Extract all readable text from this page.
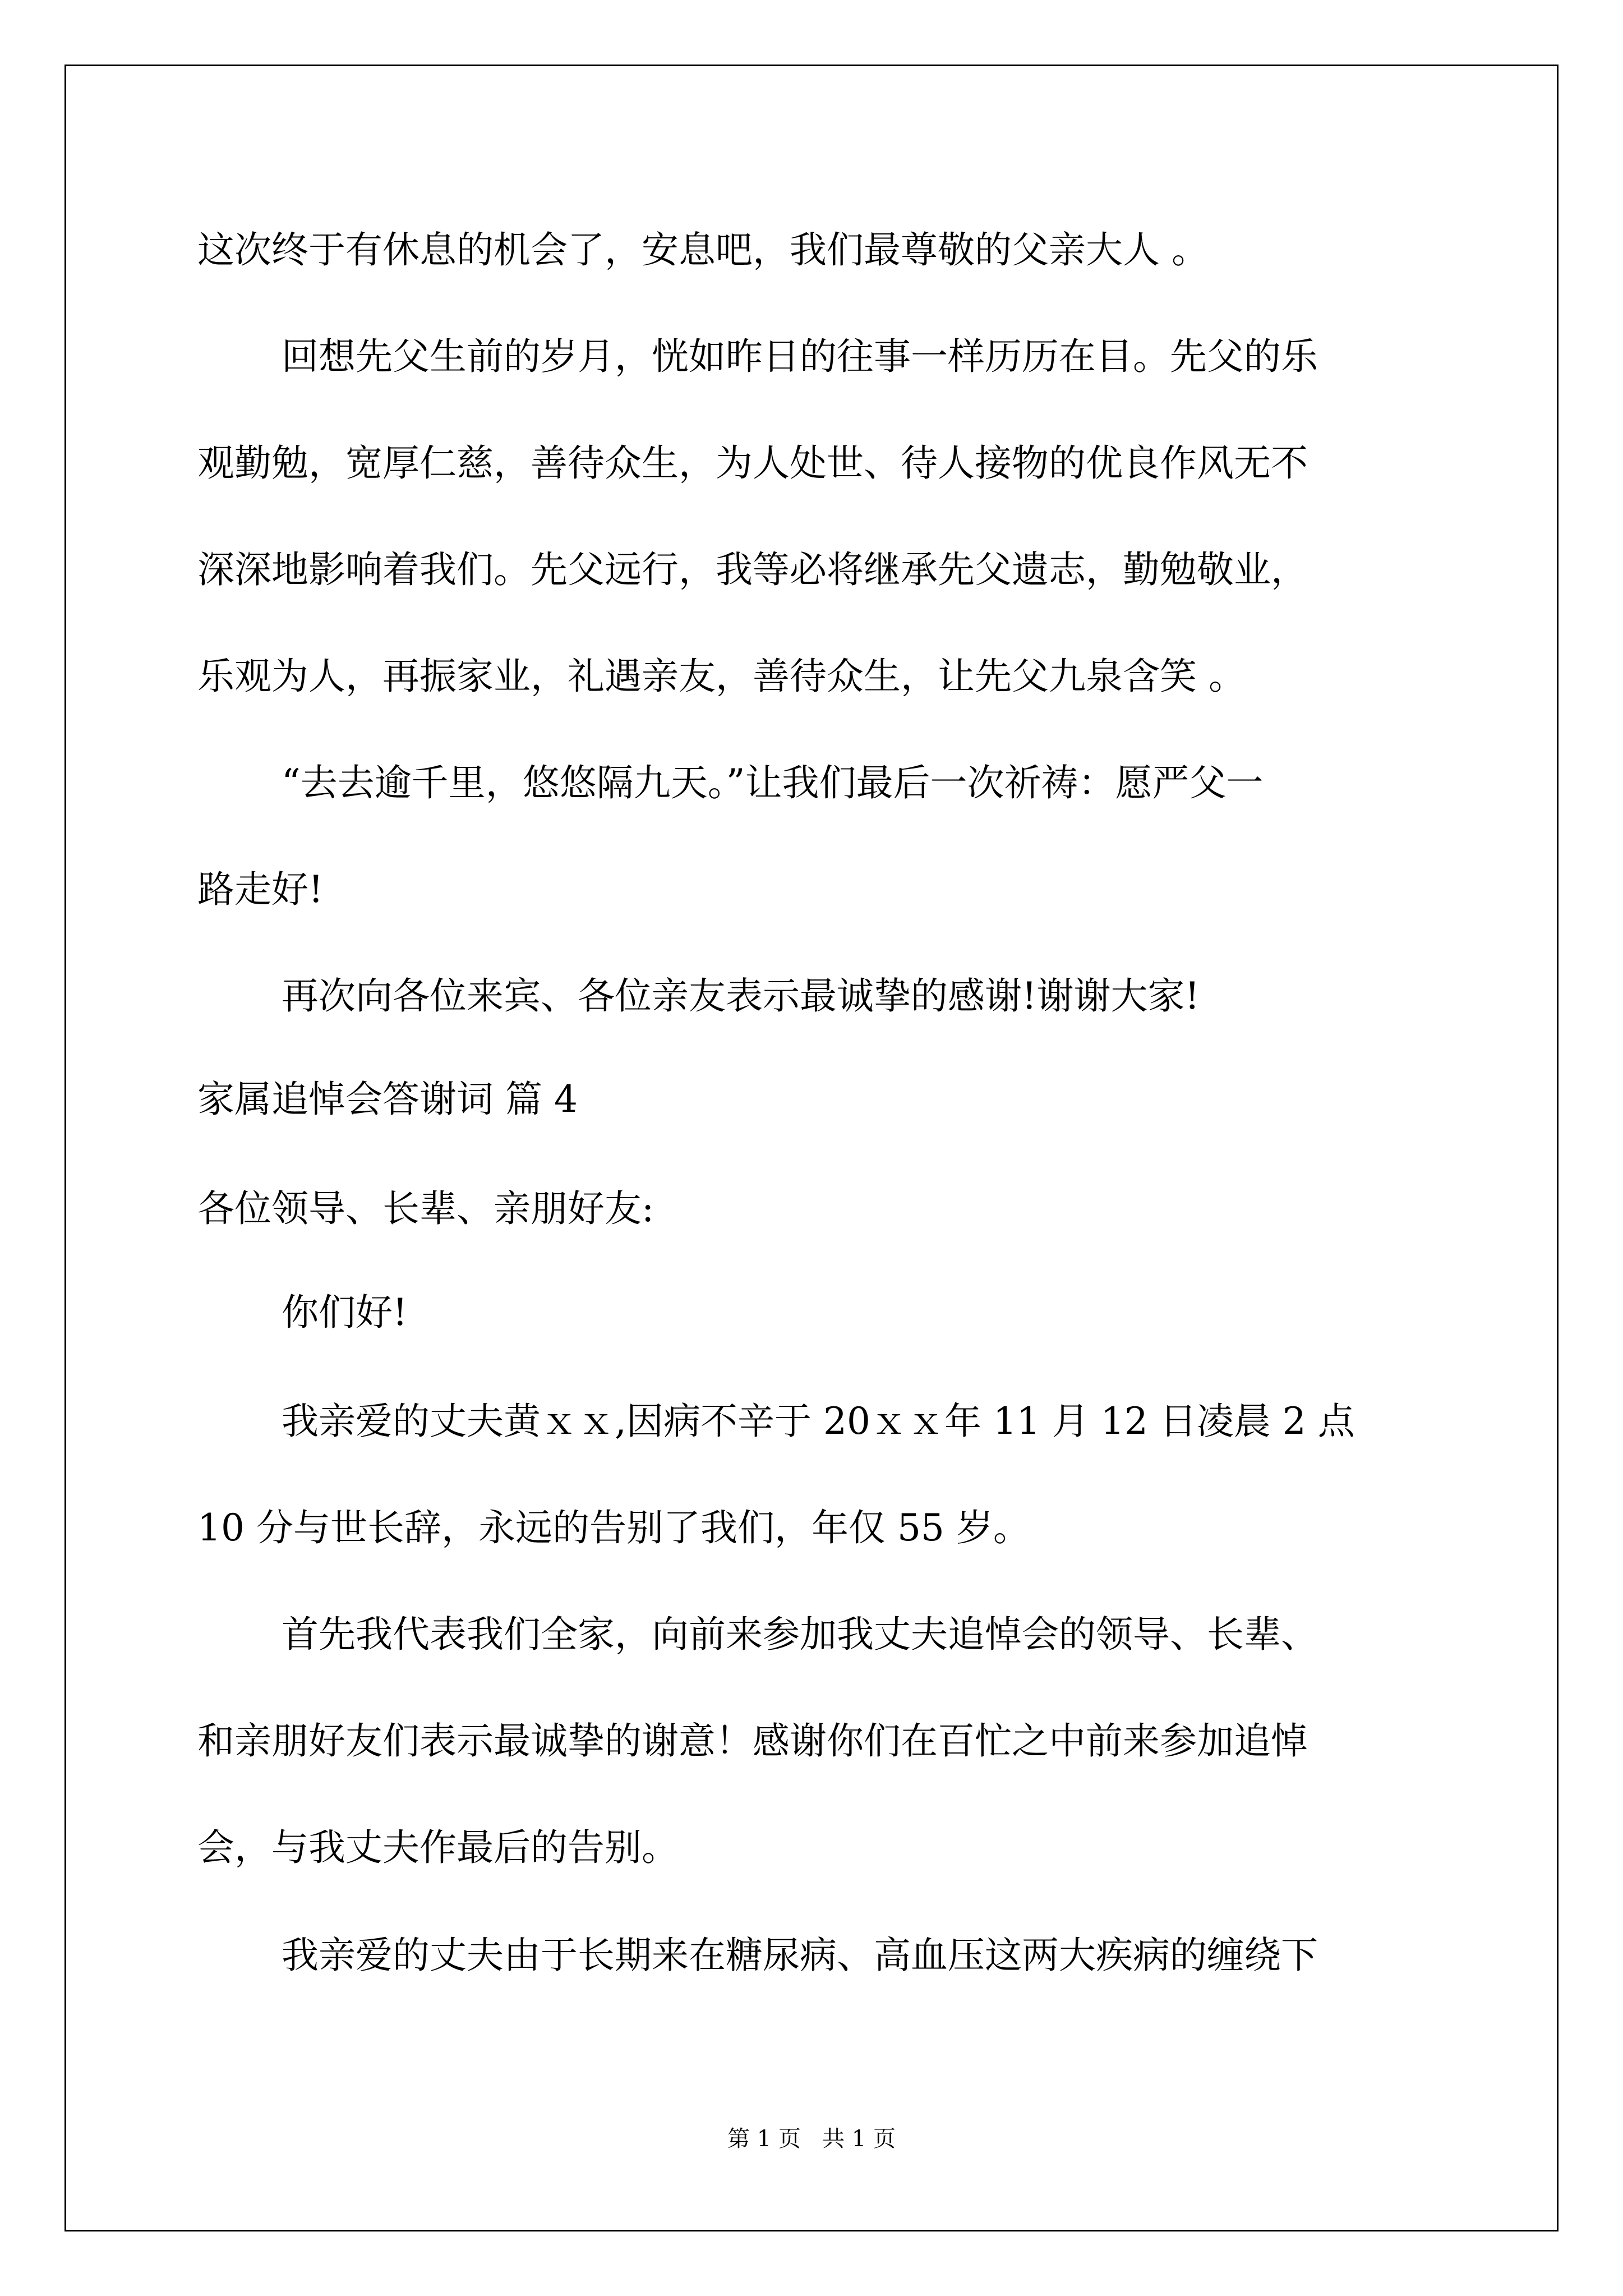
这次终于有休息的机会了，安息吧，我们最尊敬的父亲大人 。
回想先父生前的岁月，恍如昨日的往事一样历历在目。先父的乐
观勤勉，宽厚仁慈，善待众生，为人处世、待人接物的优良作风无不
深深地影响着我们。先父远行，我等必将继承先父遗志，勤勉敬业，
乐观为人，再振家业，礼遇亲友，善待众生，让先父九泉含笑 。
“去去逾千里，悠悠隔九天。”让我们最后一次祈祷：愿严父一
路走好!
再次向各位来宾、各位亲友表示最诚挚的感谢!谢谢大家!
家属追悼会答谢词 篇 4
各位领导、长辈、亲朋好友:
你们好!
我亲爱的丈夫黄ｘｘ,因病不辛于 20ｘｘ年 11 月 12 日凌晨 2 点
10 分与世长辞，永远的告别了我们，年仅 55 岁。
首先我代表我们全家，向前来参加我丈夫追悼会的领导、长辈、
和亲朋好友们表示最诚挚的谢意！感谢你们在百忙之中前来参加追悼
会，与我丈夫作最后的告别。
我亲爱的丈夫由于长期来在糖尿病、高血压这两大疾病的缠绕下
第 1 页   共 1 页
